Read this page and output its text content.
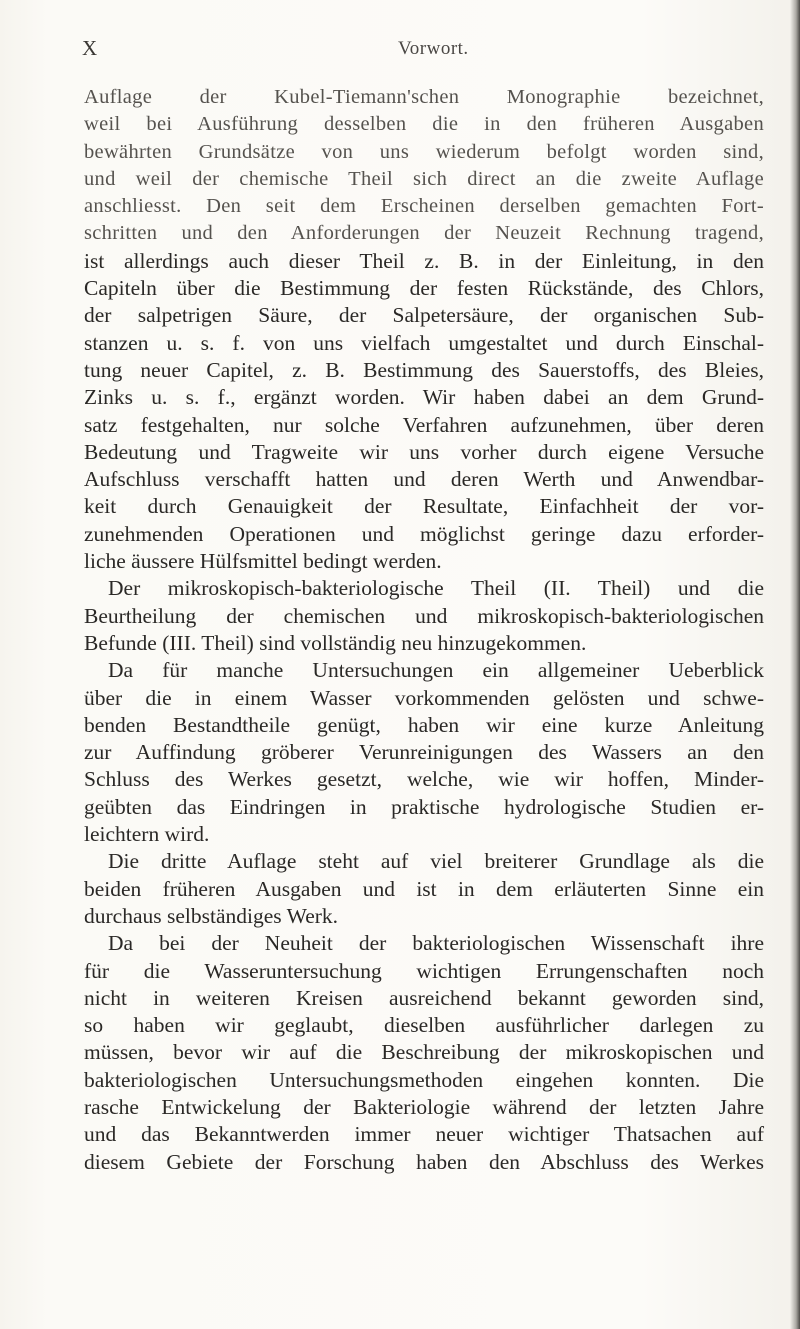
X	Vorwort.
Auflage der Kubel-Tiemann'schen Monographie bezeichnet,
weil bei Ausführung desselben die in den früheren Ausgaben
bewährten Grundsätze von uns wiederum befolgt worden sind,
und weil der chemische Theil sich direct an die zweite Auflage
anschliesst. Den seit dem Erscheinen derselben gemachten Fort-
schritten und den Anforderungen der Neuzeit Rechnung tragend,
ist allerdings auch dieser Theil z. B. in der Einleitung, in den
Capiteln über die Bestimmung der festen Rückstände, des Chlors,
der salpetrigen Säure, der Salpetersäure, der organischen Sub-
stanzen u. s. f. von uns vielfach umgestaltet und durch Einschal-
tung neuer Capitel, z. B. Bestimmung des Sauerstoffs, des Bleies,
Zinks u. s. f., ergänzt worden. Wir haben dabei an dem Grund-
satz festgehalten, nur solche Verfahren aufzunehmen, über deren
Bedeutung und Tragweite wir uns vorher durch eigene Versuche
Aufschluss verschafft hatten und deren Werth und Anwendbar-
keit durch Genauigkeit der Resultate, Einfachheit der vor-
zunehmenden Operationen und möglichst geringe dazu erforder-
liche äussere Hülfsmittel bedingt werden.
Der mikroskopisch-bakteriologische Theil (II. Theil) und die
Beurtheilung der chemischen und mikroskopisch-bakteriologischen
Befunde (III. Theil) sind vollständig neu hinzugekommen.
Da für manche Untersuchungen ein allgemeiner Ueberblick
über die in einem Wasser vorkommenden gelösten und schwe-
benden Bestandtheile genügt, haben wir eine kurze Anleitung
zur Auffindung gröberer Verunreinigungen des Wassers an den
Schluss des Werkes gesetzt, welche, wie wir hoffen, Minder-
geübten das Eindringen in praktische hydrologische Studien er-
leichtern wird.
Die dritte Auflage steht auf viel breiterer Grundlage als die
beiden früheren Ausgaben und ist in dem erläuterten Sinne ein
durchaus selbständiges Werk.
Da bei der Neuheit der bakteriologischen Wissenschaft ihre
für die Wasseruntersuchung wichtigen Errungenschaften noch
nicht in weiteren Kreisen ausreichend bekannt geworden sind,
so haben wir geglaubt, dieselben ausführlicher darlegen zu
müssen, bevor wir auf die Beschreibung der mikroskopischen und
bakteriologischen Untersuchungsmethoden eingehen konnten. Die
rasche Entwickelung der Bakteriologie während der letzten Jahre
und das Bekanntwerden immer neuer wichtiger Thatsachen auf
diesem Gebiete der Forschung haben den Abschluss des Werkes
